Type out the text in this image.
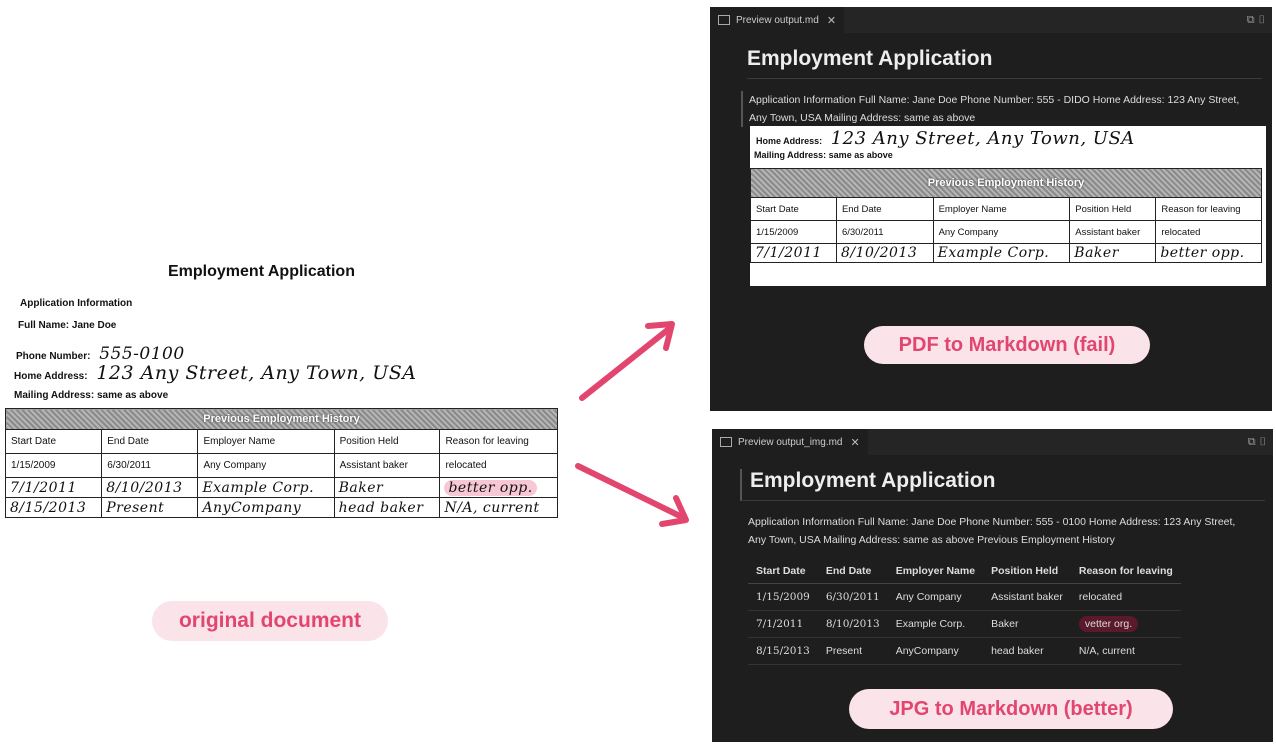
Employment Application
Application Information
Full Name: Jane Doe
Phone Number: 555-0100
Home Address: 123 Any Street, Any Town, USA
Mailing Address: same as above
Previous Employment History				
Start Date	End Date	Employer Name	Position Held	Reason for leaving
1/15/2009	6/30/2011	Any Company	Assistant baker	relocated
7/1/2011	8/10/2013	Example Corp.	Baker	better opp.
8/15/2013	Present	AnyCompany	head baker	N/A, current
original document
Preview output.md ✕	⧉ ▯
Employment Application
Application Information Full Name: Jane Doe Phone Number: 555 - DIDO Home Address: 123 Any Street, Any Town, USA Mailing Address: same as above
PDF to Markdown (fail)
Home Address: 123 Any Street, Any Town, USA
Mailing Address: same as above
Previous Employment History				
Start Date	End Date	Employer Name	Position Held	Reason for leaving
1/15/2009	6/30/2011	Any Company	Assistant baker	relocated
7/1/2011	8/10/2013	Example Corp.	Baker	better opp.
Preview output_img.md ✕	⧉ ▯
Employment Application
Application Information Full Name: Jane Doe Phone Number: 555 - 0100 Home Address: 123 Any Street, Any Town, USA Mailing Address: same as above Previous Employment History
Start Date	End Date	Employer Name	Position Held	Reason for leaving
1/15/2009	6/30/2011	Any Company	Assistant baker	relocated
7/1/2011	8/10/2013	Example Corp.	Baker	vetter org.
8/15/2013	Present	AnyCompany	head baker	N/A, current
JPG to Markdown (better)
